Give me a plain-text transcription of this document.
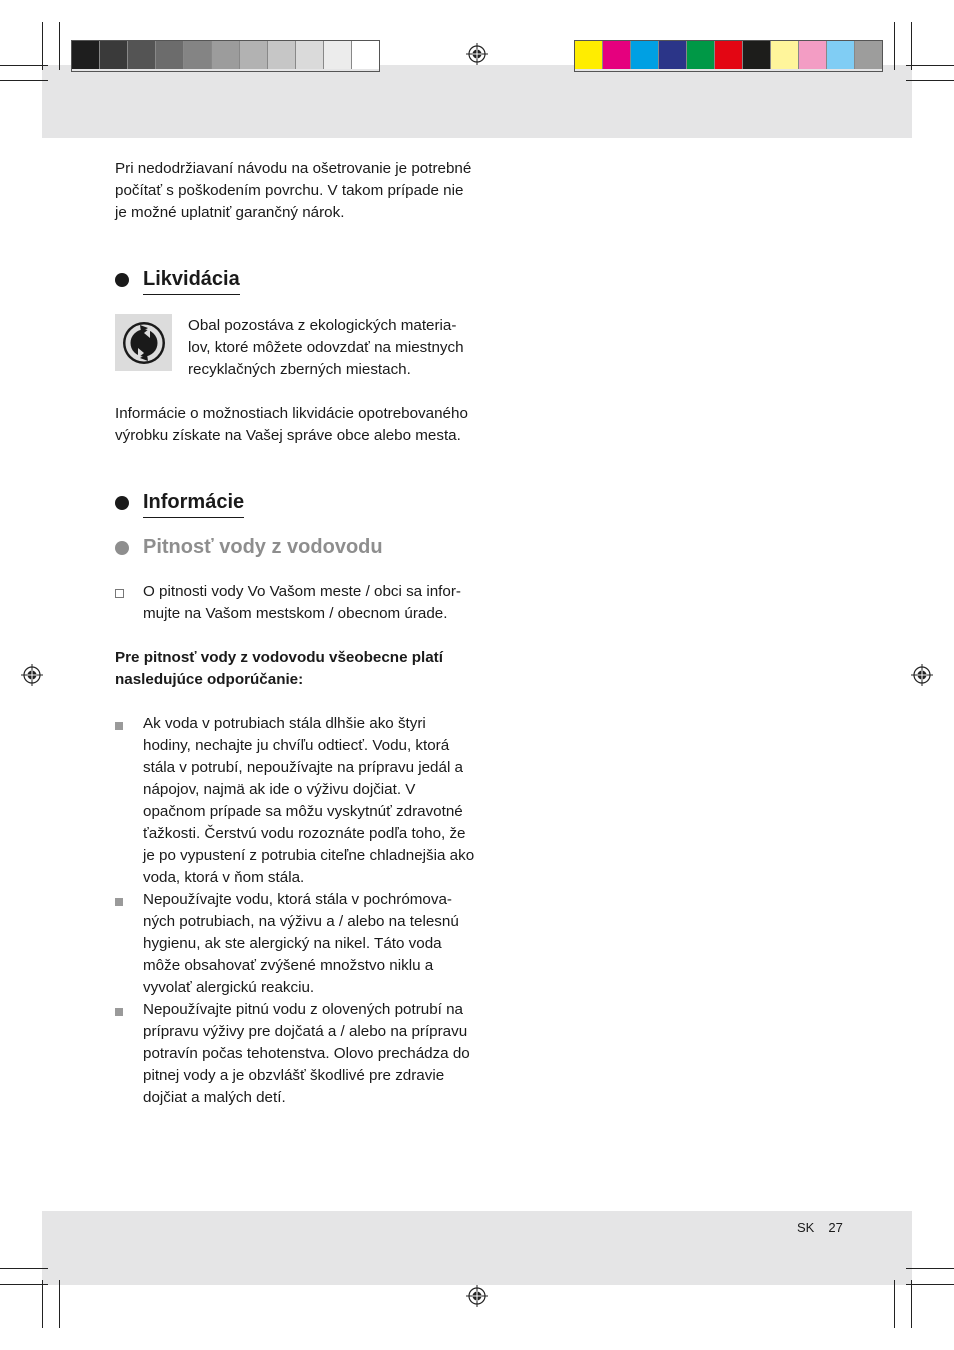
Pri nedodržiavaní návodu na ošetrovanie je potrebné počítať s poškodením povrchu. V takom prípade nie je možné uplatniť garančný nárok.

Likvidácia

Obal pozostáva z ekologických materia-lov, ktoré môžete odovzdať na miestnych recyklačných zberných miestach.

Informácie o možnostiach likvidácie opotrebovaného výrobku získate na Vašej správe obce alebo mesta.

Informácie
Pitnosť vody z vodovodu

O pitnosti vody Vo Vašom meste / obci sa infor-mujte na Vašom mestskom / obecnom úrade.

Pre pitnosť vody z vodovodu všeobecne platí nasledujúce odporúčanie:

Ak voda v potrubiach stála dlhšie ako štyri hodiny, nechajte ju chvíľu odtiecť. Vodu, ktorá stála v potrubí, nepoužívajte na prípravu jedál a nápojov, najmä ak ide o výživu dojčiat. V opačnom prípade sa môžu vyskytnúť zdravotné ťažkosti. Čerstvú vodu rozoznáte podľa toho, že je po vypustení z potrubia citeľne chladnejšia ako voda, ktorá v ňom stála.

Nepoužívajte vodu, ktorá stála v pochrómova-ných potrubiach, na výživu a / alebo na telesnú hygienu, ak ste alergický na nikel. Táto voda môže obsahovať zvýšené množstvo niklu a vyvolať alergickú reakciu.

Nepoužívajte pitnú vodu z olovených potrubí na prípravu výživy pre dojčatá a / alebo na prípravu potravín počas tehotenstva. Olovo prechádza do pitnej vody a je obzvlášť škodlivé pre zdravie dojčiat a malých detí.

SK 27
